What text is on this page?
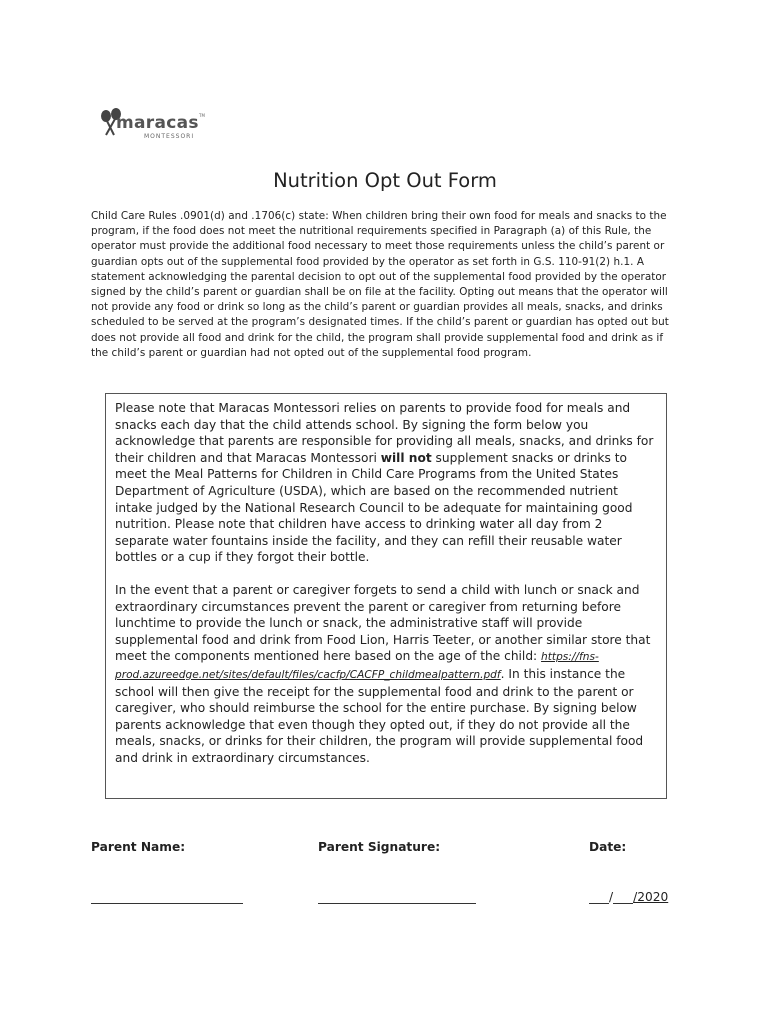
maracas TM
MONTESSORI
Nutrition Opt Out Form
Child Care Rules .0901(d) and .1706(c) state: When children bring their own food for meals and snacks to the program, if the food does not meet the nutritional requirements specified in Paragraph (a) of this Rule, the operator must provide the additional food necessary to meet those requirements unless the child’s parent or guardian opts out of the supplemental food provided by the operator as set forth in G.S. 110-91(2) h.1. A statement acknowledging the parental decision to opt out of the supplemental food provided by the operator signed by the child’s parent or guardian shall be on file at the facility. Opting out means that the operator will not provide any food or drink so long as the child’s parent or guardian provides all meals, snacks, and drinks scheduled to be served at the program’s designated times. If the child’s parent or guardian has opted out but does not provide all food and drink for the child, the program shall provide supplemental food and drink as if the child’s parent or guardian had not opted out of the supplemental food program.

Please note that Maracas Montessori relies on parents to provide food for meals and snacks each day that the child attends school. By signing the form below you acknowledge that parents are responsible for providing all meals, snacks, and drinks for their children and that Maracas Montessori will not supplement snacks or drinks to meet the Meal Patterns for Children in Child Care Programs from the United States Department of Agriculture (USDA), which are based on the recommended nutrient intake judged by the National Research Council to be adequate for maintaining good nutrition. Please note that children have access to drinking water all day from 2 separate water fountains inside the facility, and they can refill their reusable water bottles or a cup if they forgot their bottle.

In the event that a parent or caregiver forgets to send a child with lunch or snack and extraordinary circumstances prevent the parent or caregiver from returning before lunchtime to provide the lunch or snack, the administrative staff will provide supplemental food and drink from Food Lion, Harris Teeter, or another similar store that meet the components mentioned here based on the age of the child: https://fns-prod.azureedge.net/sites/default/files/cacfp/CACFP_childmealpattern.pdf. In this instance the school will then give the receipt for the supplemental food and drink to the parent or caregiver, who should reimburse the school for the entire purchase. By signing below parents acknowledge that even though they opted out, if they do not provide all the meals, snacks, or drinks for their children, the program will provide supplemental food and drink in extraordinary circumstances.

Parent Name:	Parent Signature:	Date:
/ /2020
